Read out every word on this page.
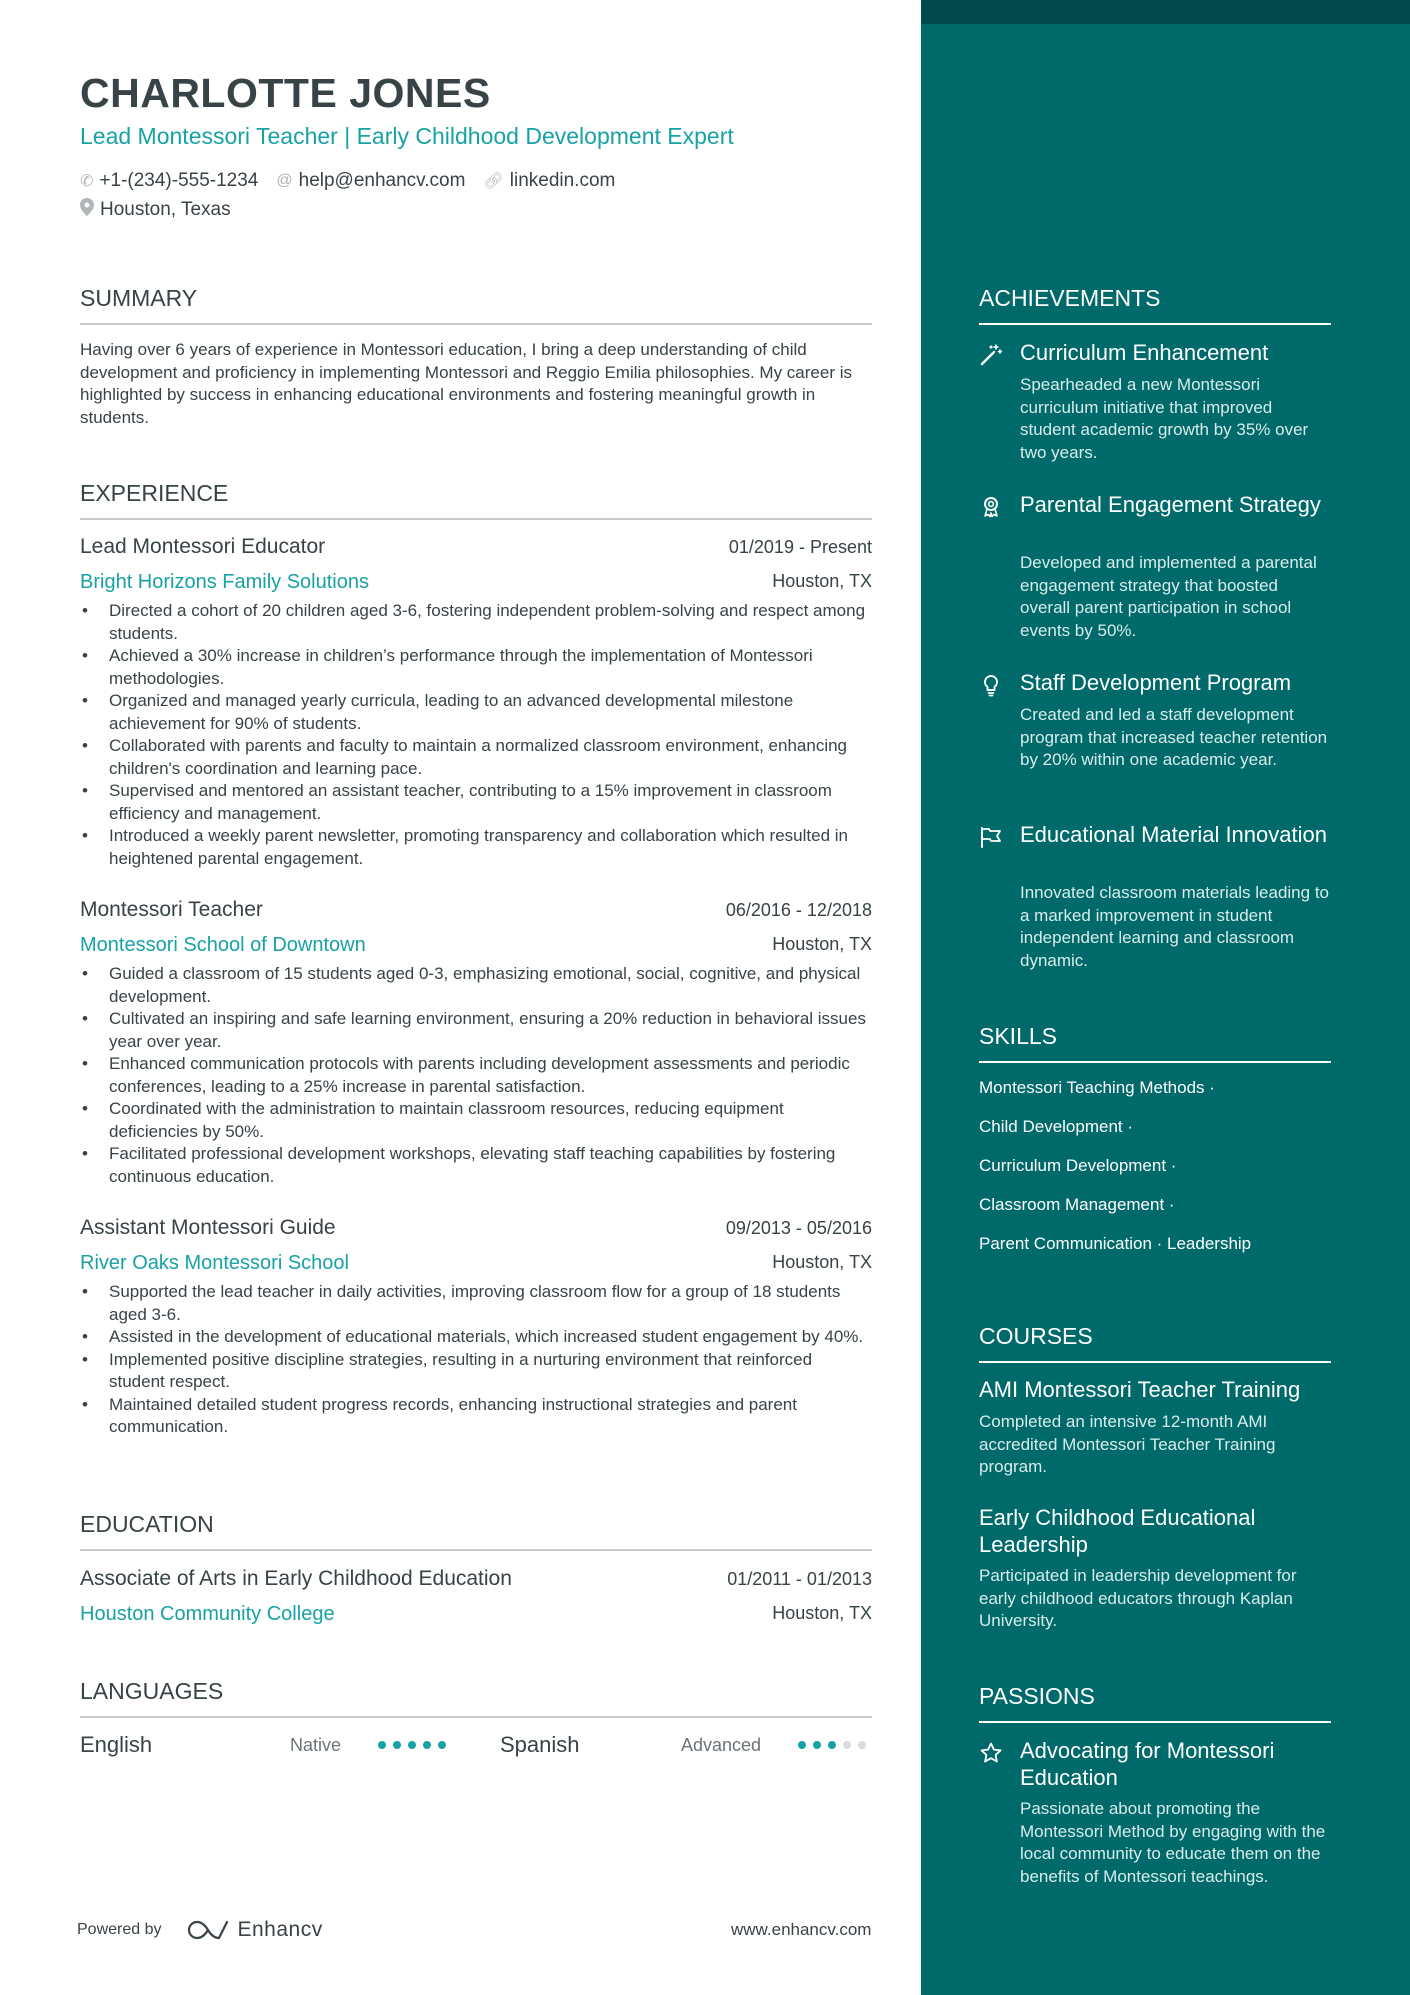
CHARLOTTE JONES
Lead Montessori Teacher | Early Childhood Development Expert
✆ +1-(234)-555-1234 @ help@enhancv.com 🔗︎ linkedin.com
Houston, Texas
SUMMARY
Having over 6 years of experience in Montessori education, I bring a deep understanding of child development and proficiency in implementing Montessori and Reggio Emilia philosophies. My career is highlighted by success in enhancing educational environments and fostering meaningful growth in students.
EXPERIENCE
Lead Montessori Educator	01/2019 - Present
Bright Horizons Family Solutions	Houston, TX
• Directed a cohort of 20 children aged 3-6, fostering independent problem-solving and respect among students.
• Achieved a 30% increase in children’s performance through the implementation of Montessori methodologies.
• Organized and managed yearly curricula, leading to an advanced developmental milestone achievement for 90% of students.
• Collaborated with parents and faculty to maintain a normalized classroom environment, enhancing children's coordination and learning pace.
• Supervised and mentored an assistant teacher, contributing to a 15% improvement in classroom efficiency and management.
• Introduced a weekly parent newsletter, promoting transparency and collaboration which resulted in heightened parental engagement.
Montessori Teacher	06/2016 - 12/2018
Montessori School of Downtown	Houston, TX
• Guided a classroom of 15 students aged 0-3, emphasizing emotional, social, cognitive, and physical development.
• Cultivated an inspiring and safe learning environment, ensuring a 20% reduction in behavioral issues year over year.
• Enhanced communication protocols with parents including development assessments and periodic conferences, leading to a 25% increase in parental satisfaction.
• Coordinated with the administration to maintain classroom resources, reducing equipment deficiencies by 50%.
• Facilitated professional development workshops, elevating staff teaching capabilities by fostering continuous education.
Assistant Montessori Guide	09/2013 - 05/2016
River Oaks Montessori School	Houston, TX
• Supported the lead teacher in daily activities, improving classroom flow for a group of 18 students aged 3-6.
• Assisted in the development of educational materials, which increased student engagement by 40%.
• Implemented positive discipline strategies, resulting in a nurturing environment that reinforced student respect.
• Maintained detailed student progress records, enhancing instructional strategies and parent communication.
EDUCATION
Associate of Arts in Early Childhood Education	01/2011 - 01/2013
Houston Community College	Houston, TX
LANGUAGES
English	Native	Spanish	Advanced
Powered by	Enhancv	www.enhancv.com
ACHIEVEMENTS
Curriculum Enhancement
Spearheaded a new Montessori curriculum initiative that improved student academic growth by 35% over two years.
Parental Engagement Strategy
Developed and implemented a parental engagement strategy that boosted overall parent participation in school events by 50%.
Staff Development Program
Created and led a staff development program that increased teacher retention by 20% within one academic year.
Educational Material Innovation
Innovated classroom materials leading to a marked improvement in student independent learning and classroom dynamic.
SKILLS
Montessori Teaching Methods ·
Child Development ·
Curriculum Development ·
Classroom Management ·
Parent Communication · Leadership
COURSES
AMI Montessori Teacher Training
Completed an intensive 12-month AMI accredited Montessori Teacher Training program.
Early Childhood Educational Leadership
Participated in leadership development for early childhood educators through Kaplan University.
PASSIONS
Advocating for Montessori Education
Passionate about promoting the Montessori Method by engaging with the local community to educate them on the benefits of Montessori teachings.
